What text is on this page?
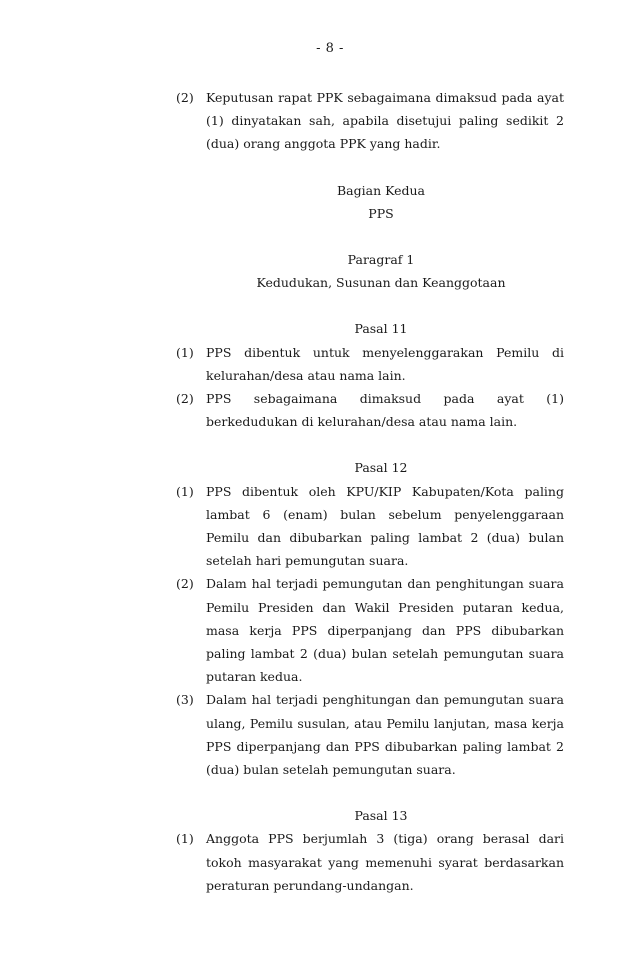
- 8 -
(2) Keputusan rapat PPK sebagaimana dimaksud pada ayat (1) dinyatakan sah, apabila disetujui paling sedikit 2 (dua) orang anggota PPK yang hadir.
Bagian Kedua
PPS
Paragraf 1
Kedudukan, Susunan dan Keanggotaan
Pasal 11
(1) PPS dibentuk untuk menyelenggarakan Pemilu di kelurahan/desa atau nama lain.
(2) PPS sebagaimana dimaksud pada ayat (1) berkedudukan di kelurahan/desa atau nama lain.
Pasal 12
(1) PPS dibentuk oleh KPU/KIP Kabupaten/Kota paling lambat 6 (enam) bulan sebelum penyelenggaraan Pemilu dan dibubarkan paling lambat 2 (dua) bulan setelah hari pemungutan suara.
(2) Dalam hal terjadi pemungutan dan penghitungan suara Pemilu Presiden dan Wakil Presiden putaran kedua, masa kerja PPS diperpanjang dan PPS dibubarkan paling lambat 2 (dua) bulan setelah pemungutan suara putaran kedua.
(3) Dalam hal terjadi penghitungan dan pemungutan suara ulang, Pemilu susulan, atau Pemilu lanjutan, masa kerja PPS diperpanjang dan PPS dibubarkan paling lambat 2 (dua) bulan setelah pemungutan suara.
Pasal 13
(1) Anggota PPS berjumlah 3 (tiga) orang berasal dari tokoh masyarakat yang memenuhi syarat berdasarkan peraturan perundang-undangan.
